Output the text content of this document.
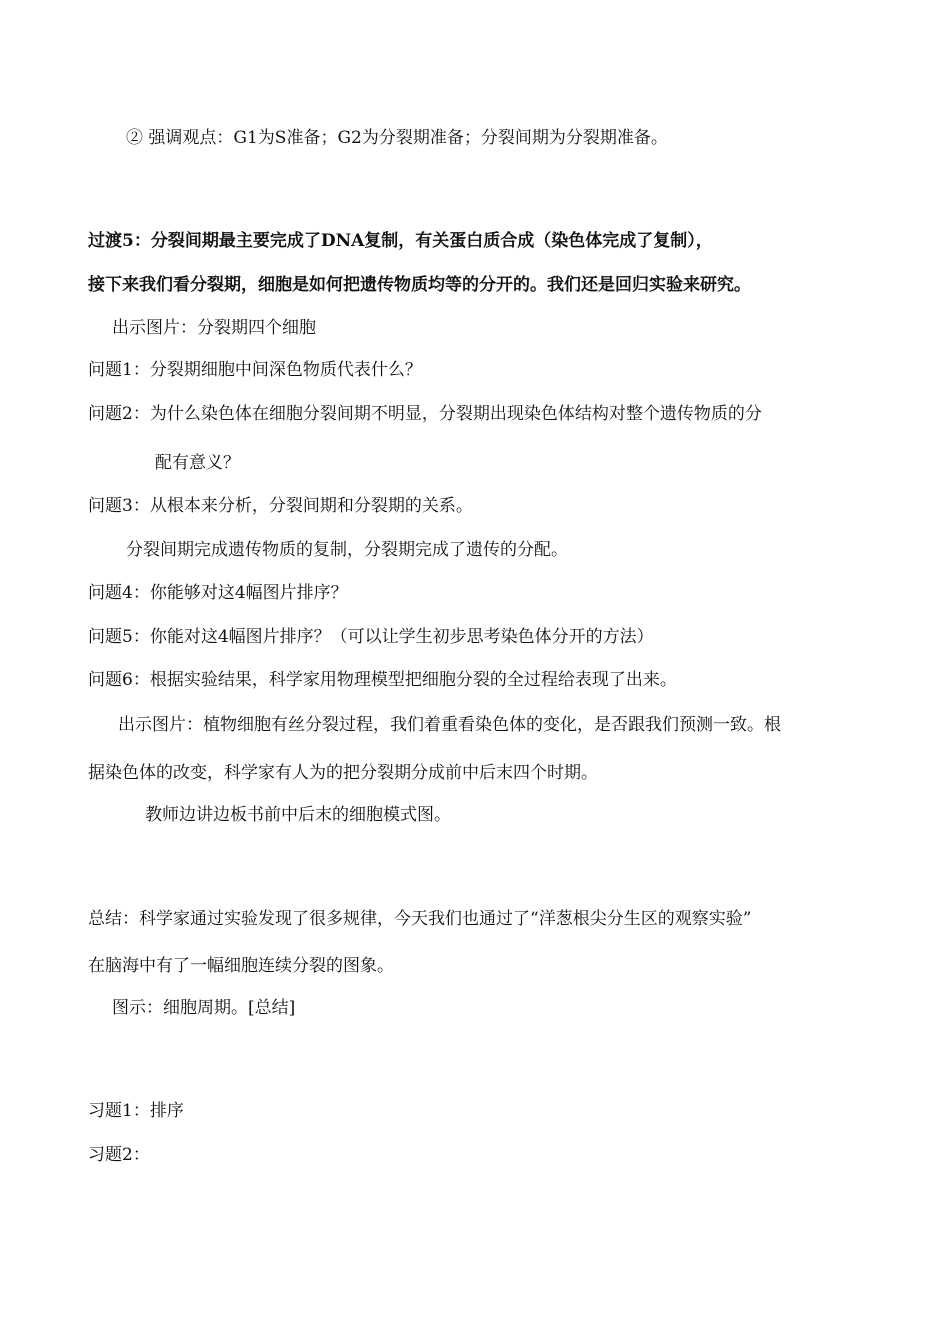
② 强调观点：G1为S准备；G2为分裂期准备；分裂间期为分裂期准备。
过渡5：分裂间期最主要完成了DNA复制，有关蛋白质合成（染色体完成了复制），
接下来我们看分裂期，细胞是如何把遗传物质均等的分开的。我们还是回归实验来研究。
出示图片：分裂期四个细胞
问题1：分裂期细胞中间深色物质代表什么？
问题2：为什么染色体在细胞分裂间期不明显，分裂期出现染色体结构对整个遗传物质的分
配有意义？
问题3：从根本来分析，分裂间期和分裂期的关系。
分裂间期完成遗传物质的复制，分裂期完成了遗传的分配。
问题4：你能够对这4幅图片排序？
问题5：你能对这4幅图片排序？（可以让学生初步思考染色体分开的方法）
问题6：根据实验结果，科学家用物理模型把细胞分裂的全过程给表现了出来。
出示图片：植物细胞有丝分裂过程，我们着重看染色体的变化，是否跟我们预测一致。根
据染色体的改变，科学家有人为的把分裂期分成前中后末四个时期。
教师边讲边板书前中后末的细胞模式图。
总结：科学家通过实验发现了很多规律，今天我们也通过了“洋葱根尖分生区的观察实验”
在脑海中有了一幅细胞连续分裂的图象。
图示：细胞周期。[总结]
习题1：排序
习题2：
